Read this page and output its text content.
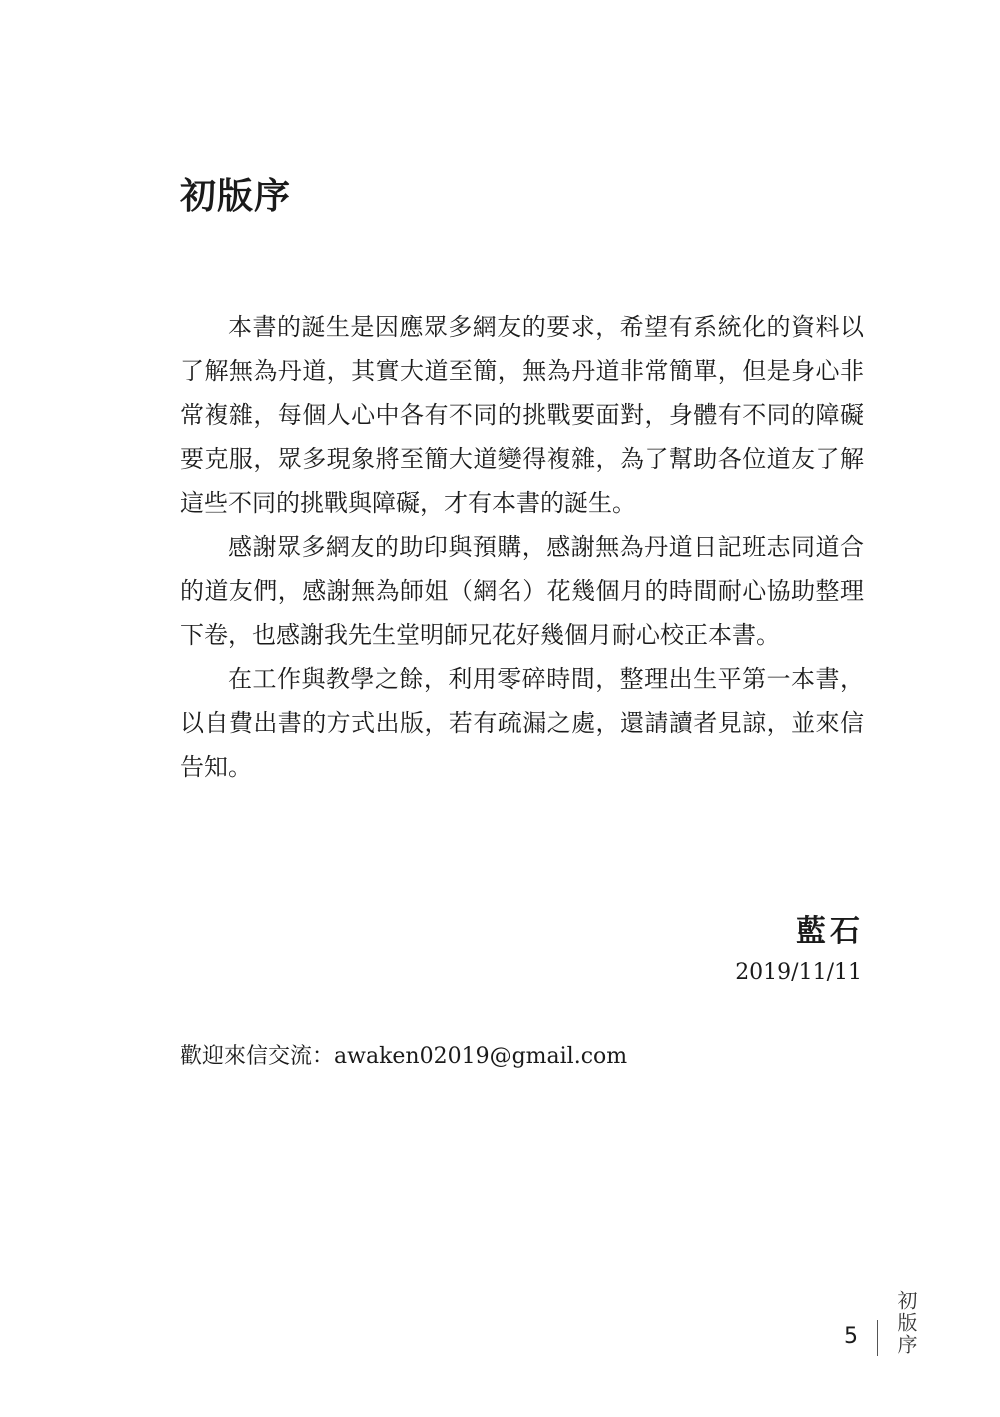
初版序

本書的誕生是因應眾多網友的要求，希望有系統化的資料以了解無為丹道，其實大道至簡，無為丹道非常簡單，但是身心非常複雜，每個人心中各有不同的挑戰要面對，身體有不同的障礙要克服，眾多現象將至簡大道變得複雜，為了幫助各位道友了解這些不同的挑戰與障礙，才有本書的誕生。

感謝眾多網友的助印與預購，感謝無為丹道日記班志同道合的道友們，感謝無為師姐（網名）花幾個月的時間耐心協助整理下卷，也感謝我先生堂明師兄花好幾個月耐心校正本書。

在工作與教學之餘，利用零碎時間，整理出生平第一本書，以自費出書的方式出版，若有疏漏之處，還請讀者見諒，並來信告知。

藍石
2019/11/11
歡迎來信交流：awaken02019@gmail.com
5 初版序
